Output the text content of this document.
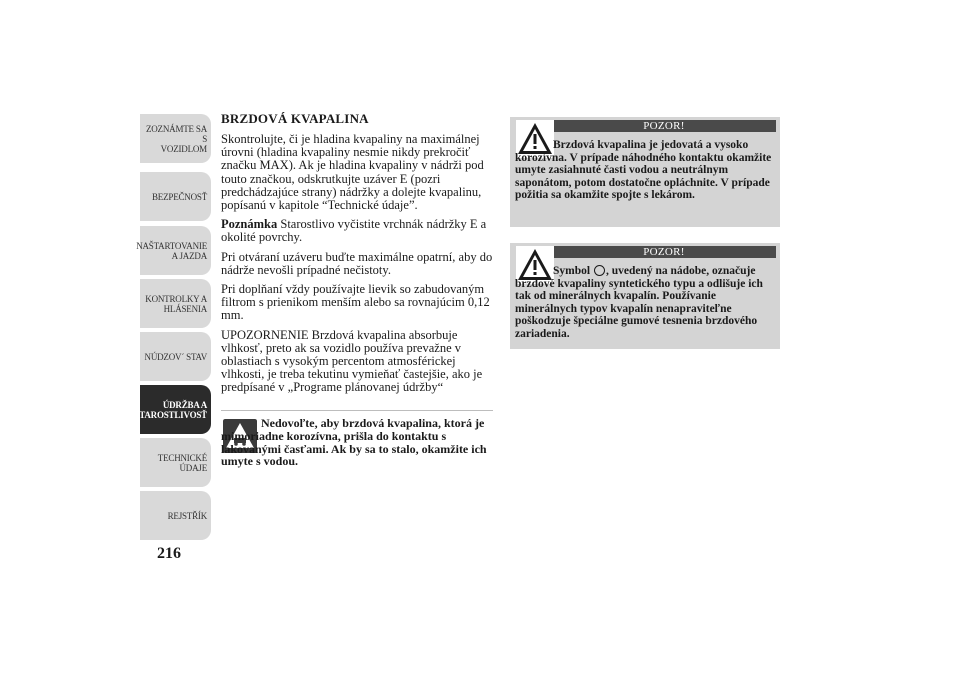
ZOZNÁMTE SA S
VOZIDLOM
BEZPEČNOSŤ
NAŠTARTOVANIE
A JAZDA
KONTROLKY A
HLÁSENIA
NÚDZOV´ STAV
ÚDRŽBA A
STAROSTLIVOSŤ
TECHNICKÉ
ÚDAJE
REJSTŘÍK
216
BRZDOVÁ KVAPALINA

Skontrolujte, či je hladina kvapaliny na maximálnej úrovni (hladina kvapaliny nesmie nikdy prekročiť značku MAX). Ak je hladina kvapaliny v nádrži pod touto značkou, odskrutkujte uzáver E (pozri predchádzajúce strany) nádržky a dolejte kvapalinu, popísanú v kapitole “Technické údaje”.

Poznámka Starostlivo vyčistite vrchnák nádržky E a okolité povrchy.

Pri otváraní uzáveru buďte maximálne opatrní, aby do nádrže nevošli prípadné nečistoty.

Pri doplňaní vždy používajte lievik so zabudovaným filtrom s prienikom menším alebo sa rovnajúcim 0,12 mm.

UPOZORNENIE Brzdová kvapalina absorbuje vlhkosť, preto ak sa vozidlo používa prevažne v oblastiach s vysokým percentom atmosférickej vlhkosti, je treba tekutinu vymieňať častejšie, ako je predpísané v „Programe plánovanej údržby“

Nedovoľte, aby brzdová kvapalina, ktorá je mimoriadne korozívna, prišla do kontaktu s lakovanými časťami. Ak by sa to stalo, okamžite ich umyte s vodou.
POZOR!
Brzdová kvapalina je jedovatá a vysoko korozívna. V prípade náhodného kontaktu okamžite umyte zasiahnuté časti vodou a neutrálnym saponátom, potom dostatočne opláchnite. V prípade požitia sa okamžite spojte s lekárom.
POZOR!
Symbol , uvedený na nádobe, označuje brzdové kvapaliny syntetického typu a odlišuje ich tak od minerálnych kvapalín. Používanie minerálnych typov kvapalín nenapraviteľne poškodzuje špeciálne gumové tesnenia brzdového zariadenia.
